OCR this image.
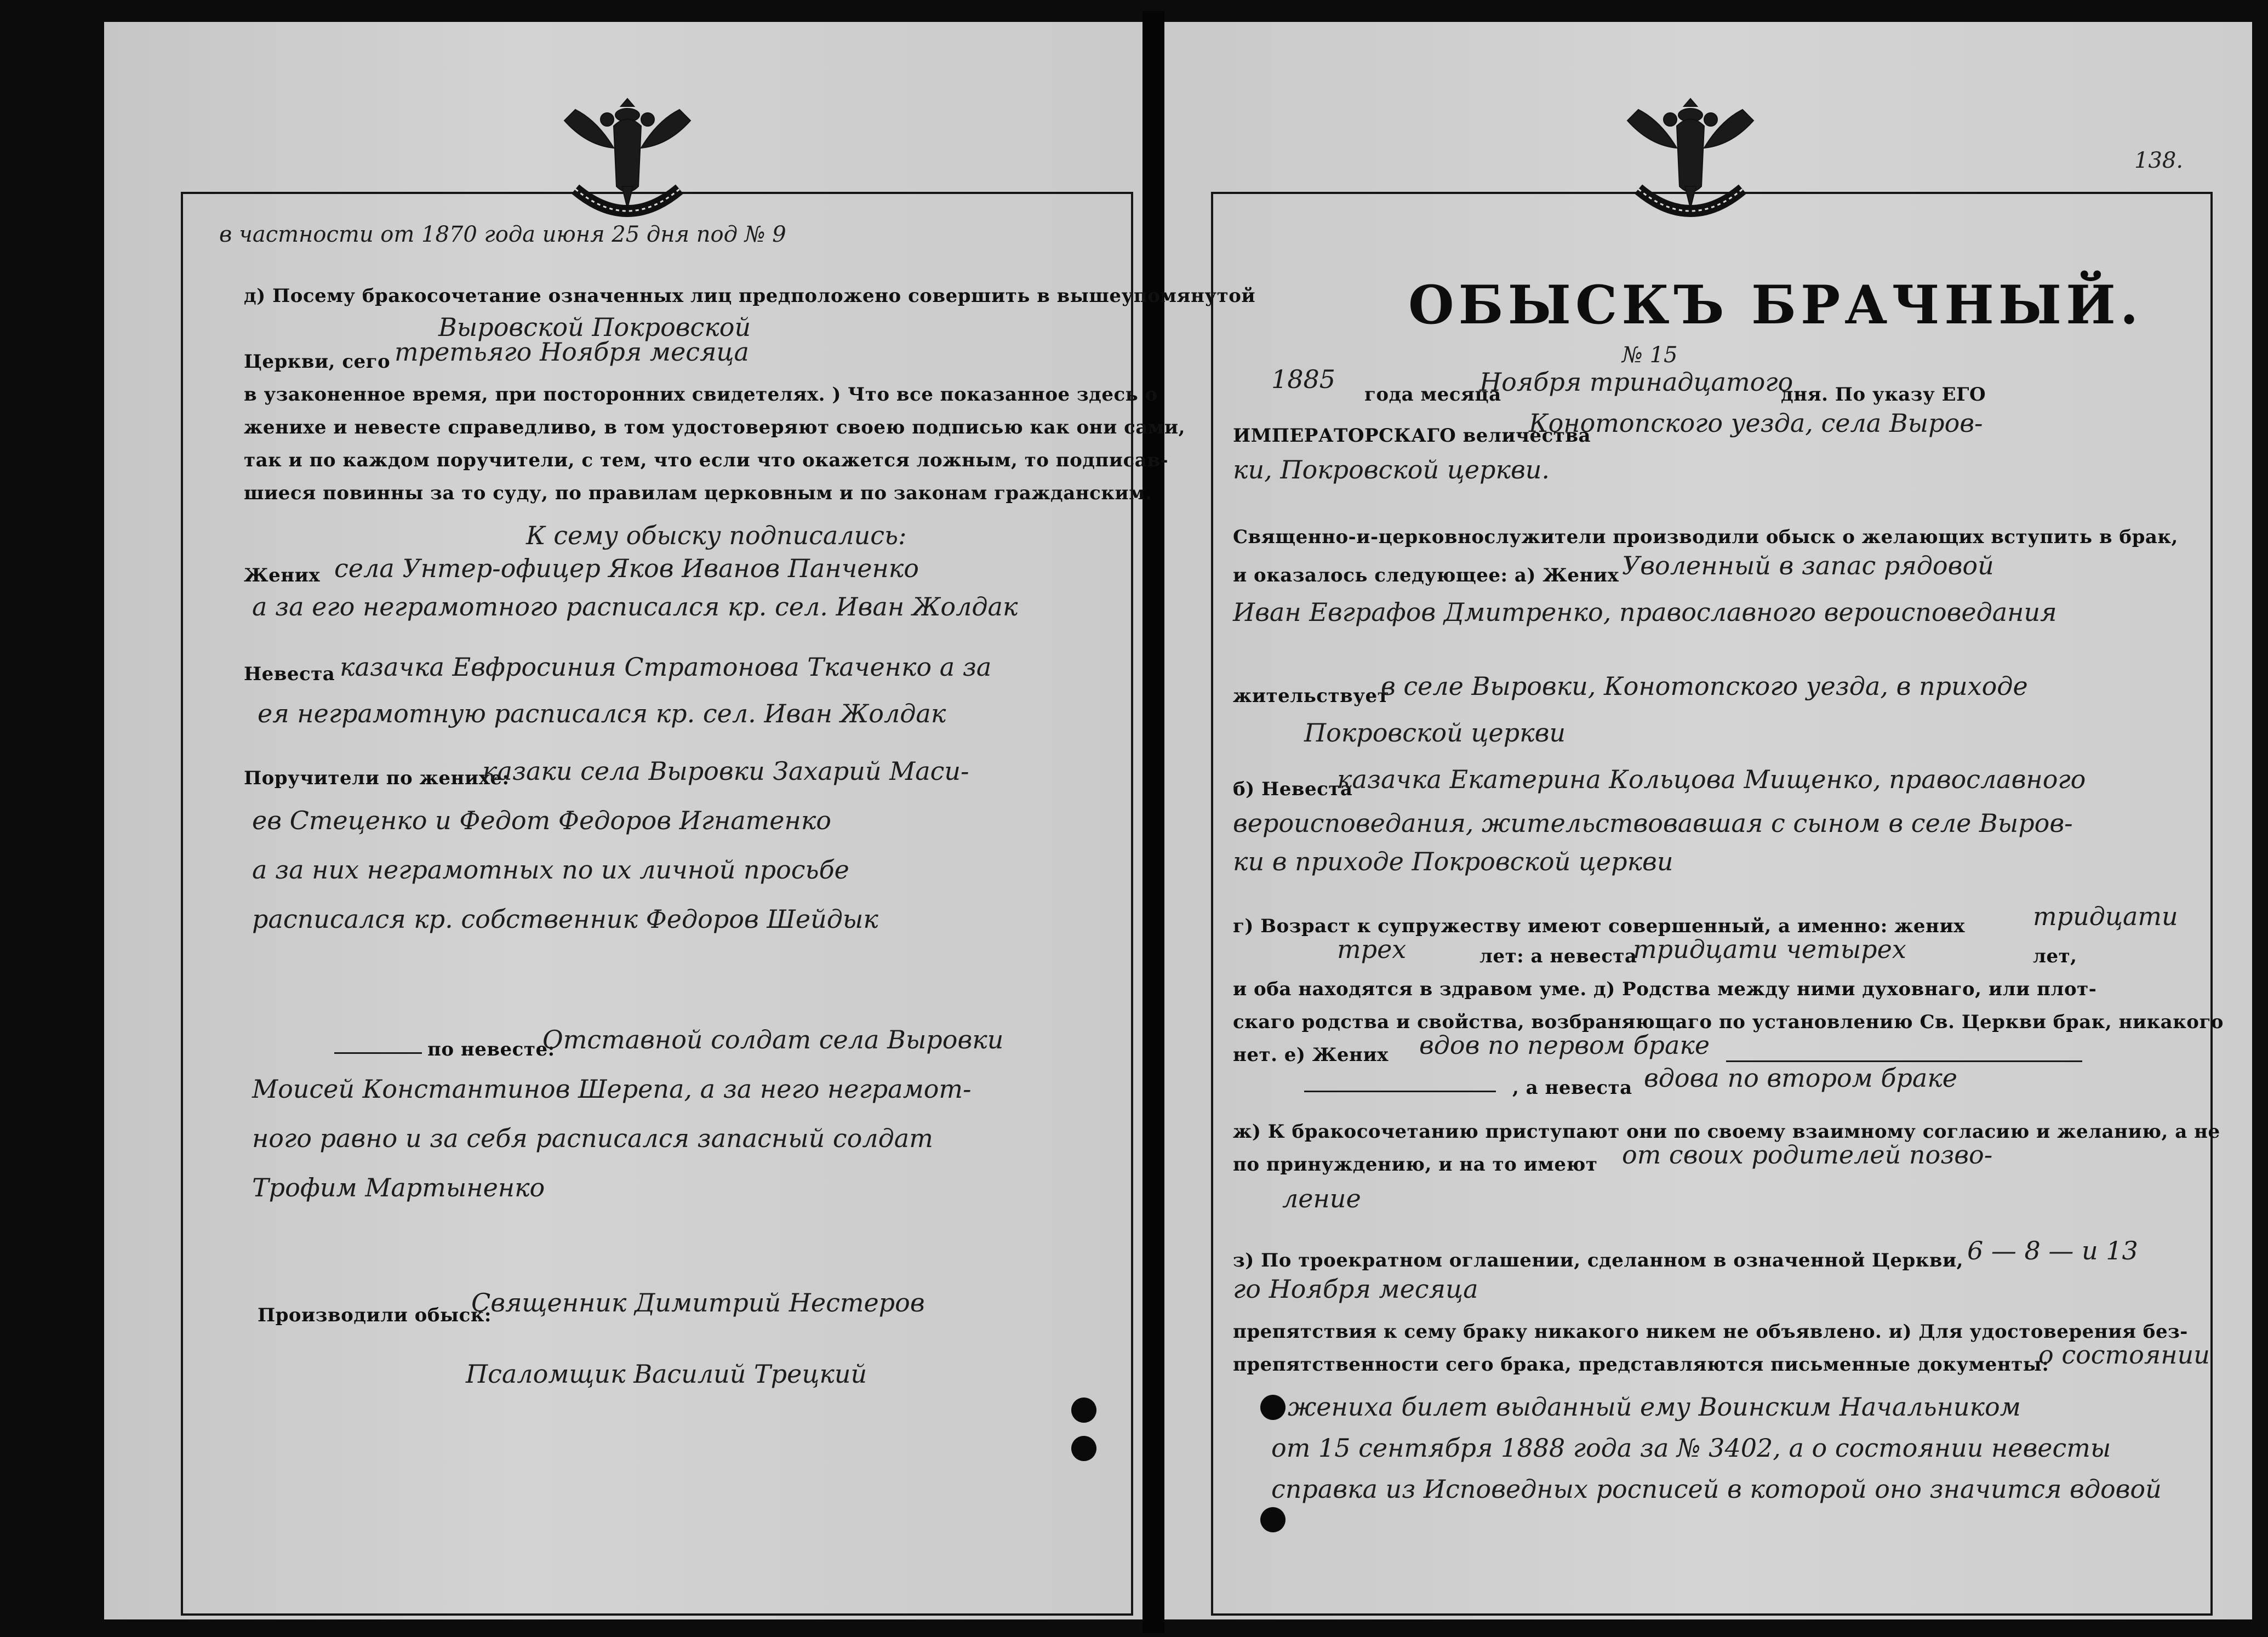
в частности от 1870 года июня 25 дня под № 9
д) Посему бракосочетание означенных лиц предположено совершить в вышеупомянутой
Выровской Покровской
Церкви, сего третьяго Ноября месяца
в узаконенное время, при посторонних свидетелях. ) Что все показанное здесь о
женихе и невесте справедливо, в том удостоверяют своею подписью как они сами,
так и по каждом поручители, с тем, что если что окажется ложным, то подписав-
шиеся повинны за то суду, по правилам церковным и по законам гражданским.
К сему обыску подписались:
Жених села Унтер-офицер Яков Иванов Панченко
а за его неграмотного расписался кр. сел. Иван Жолдак
Невеста казачка Евфросиния Стратонова Ткаченко а за
ея неграмотную расписался кр. сел. Иван Жолдак
Поручители по женихе:
казаки села Выровки Захарий Маси-
ев Стеценко и Федот Федоров Игнатенко
а за них неграмотных по их личной просьбе
расписался кр. собственник Федоров Шейдык
по невесте:
Отставной солдат села Выровки
Моисей Константинов Шерепа, а за него неграмот-
ного равно и за себя расписался запасный солдат
Трофим Мартыненко
Производили обыск:
Священник Димитрий Нестеров
Псаломщик Василий Трецкий
138.
ОБЫСКЪ БРАЧНЫЙ.
№ 15
1885
года месяца
Ноября тринадцатого
дня. По указу ЕГО
ИМПЕРАТОРСКАГО величества
Конотопского уезда, села Выров-
ки, Покровской церкви.
Священно-и-церковнослужители производили обыск о желающих вступить в брак,
и оказалось следующее: а) Жених Уволенный в запас рядовой
Иван Евграфов Дмитренко, православного вероисповедания
жительствует
в селе Выровки, Конотопского уезда, в приходе
Покровской церкви
б) Невеста
казачка Екатерина Кольцова Мищенко, православного
вероисповедания, жительствовавшая с сыном в селе Выров-
ки в приходе Покровской церкви
г) Возраст к супружеству имеют совершенный, а именно: жених	тридцати
трех	лет: а невеста
тридцати четырех	лет,
и оба находятся в здравом уме. д) Родства между ними духовнаго, или плот-
скаго родства и свойства, возбраняющаго по установлению Св. Церкви брак, никакого
нет. е) Жених вдов по первом браке
, а невеста вдова по втором браке
ж) К бракосочетанию приступают они по своему взаимному согласию и желанию, а не
по принуждению, и на то имеют от своих родителей позво-
ление
з) По троекратном оглашении, сделанном в означенной Церкви, 6 — 8 — и 13
го Ноября месяца
препятствия к сему браку никакого никем не объявлено. и) Для удостоверения без-
препятственности сего брака, представляются письменные документы:
о состоянии
жениха билет выданный ему Воинским Начальником
от 15 сентября 1888 года за № 3402, а о состоянии невесты
справка из Исповедных росписей в которой оно значится вдовой
